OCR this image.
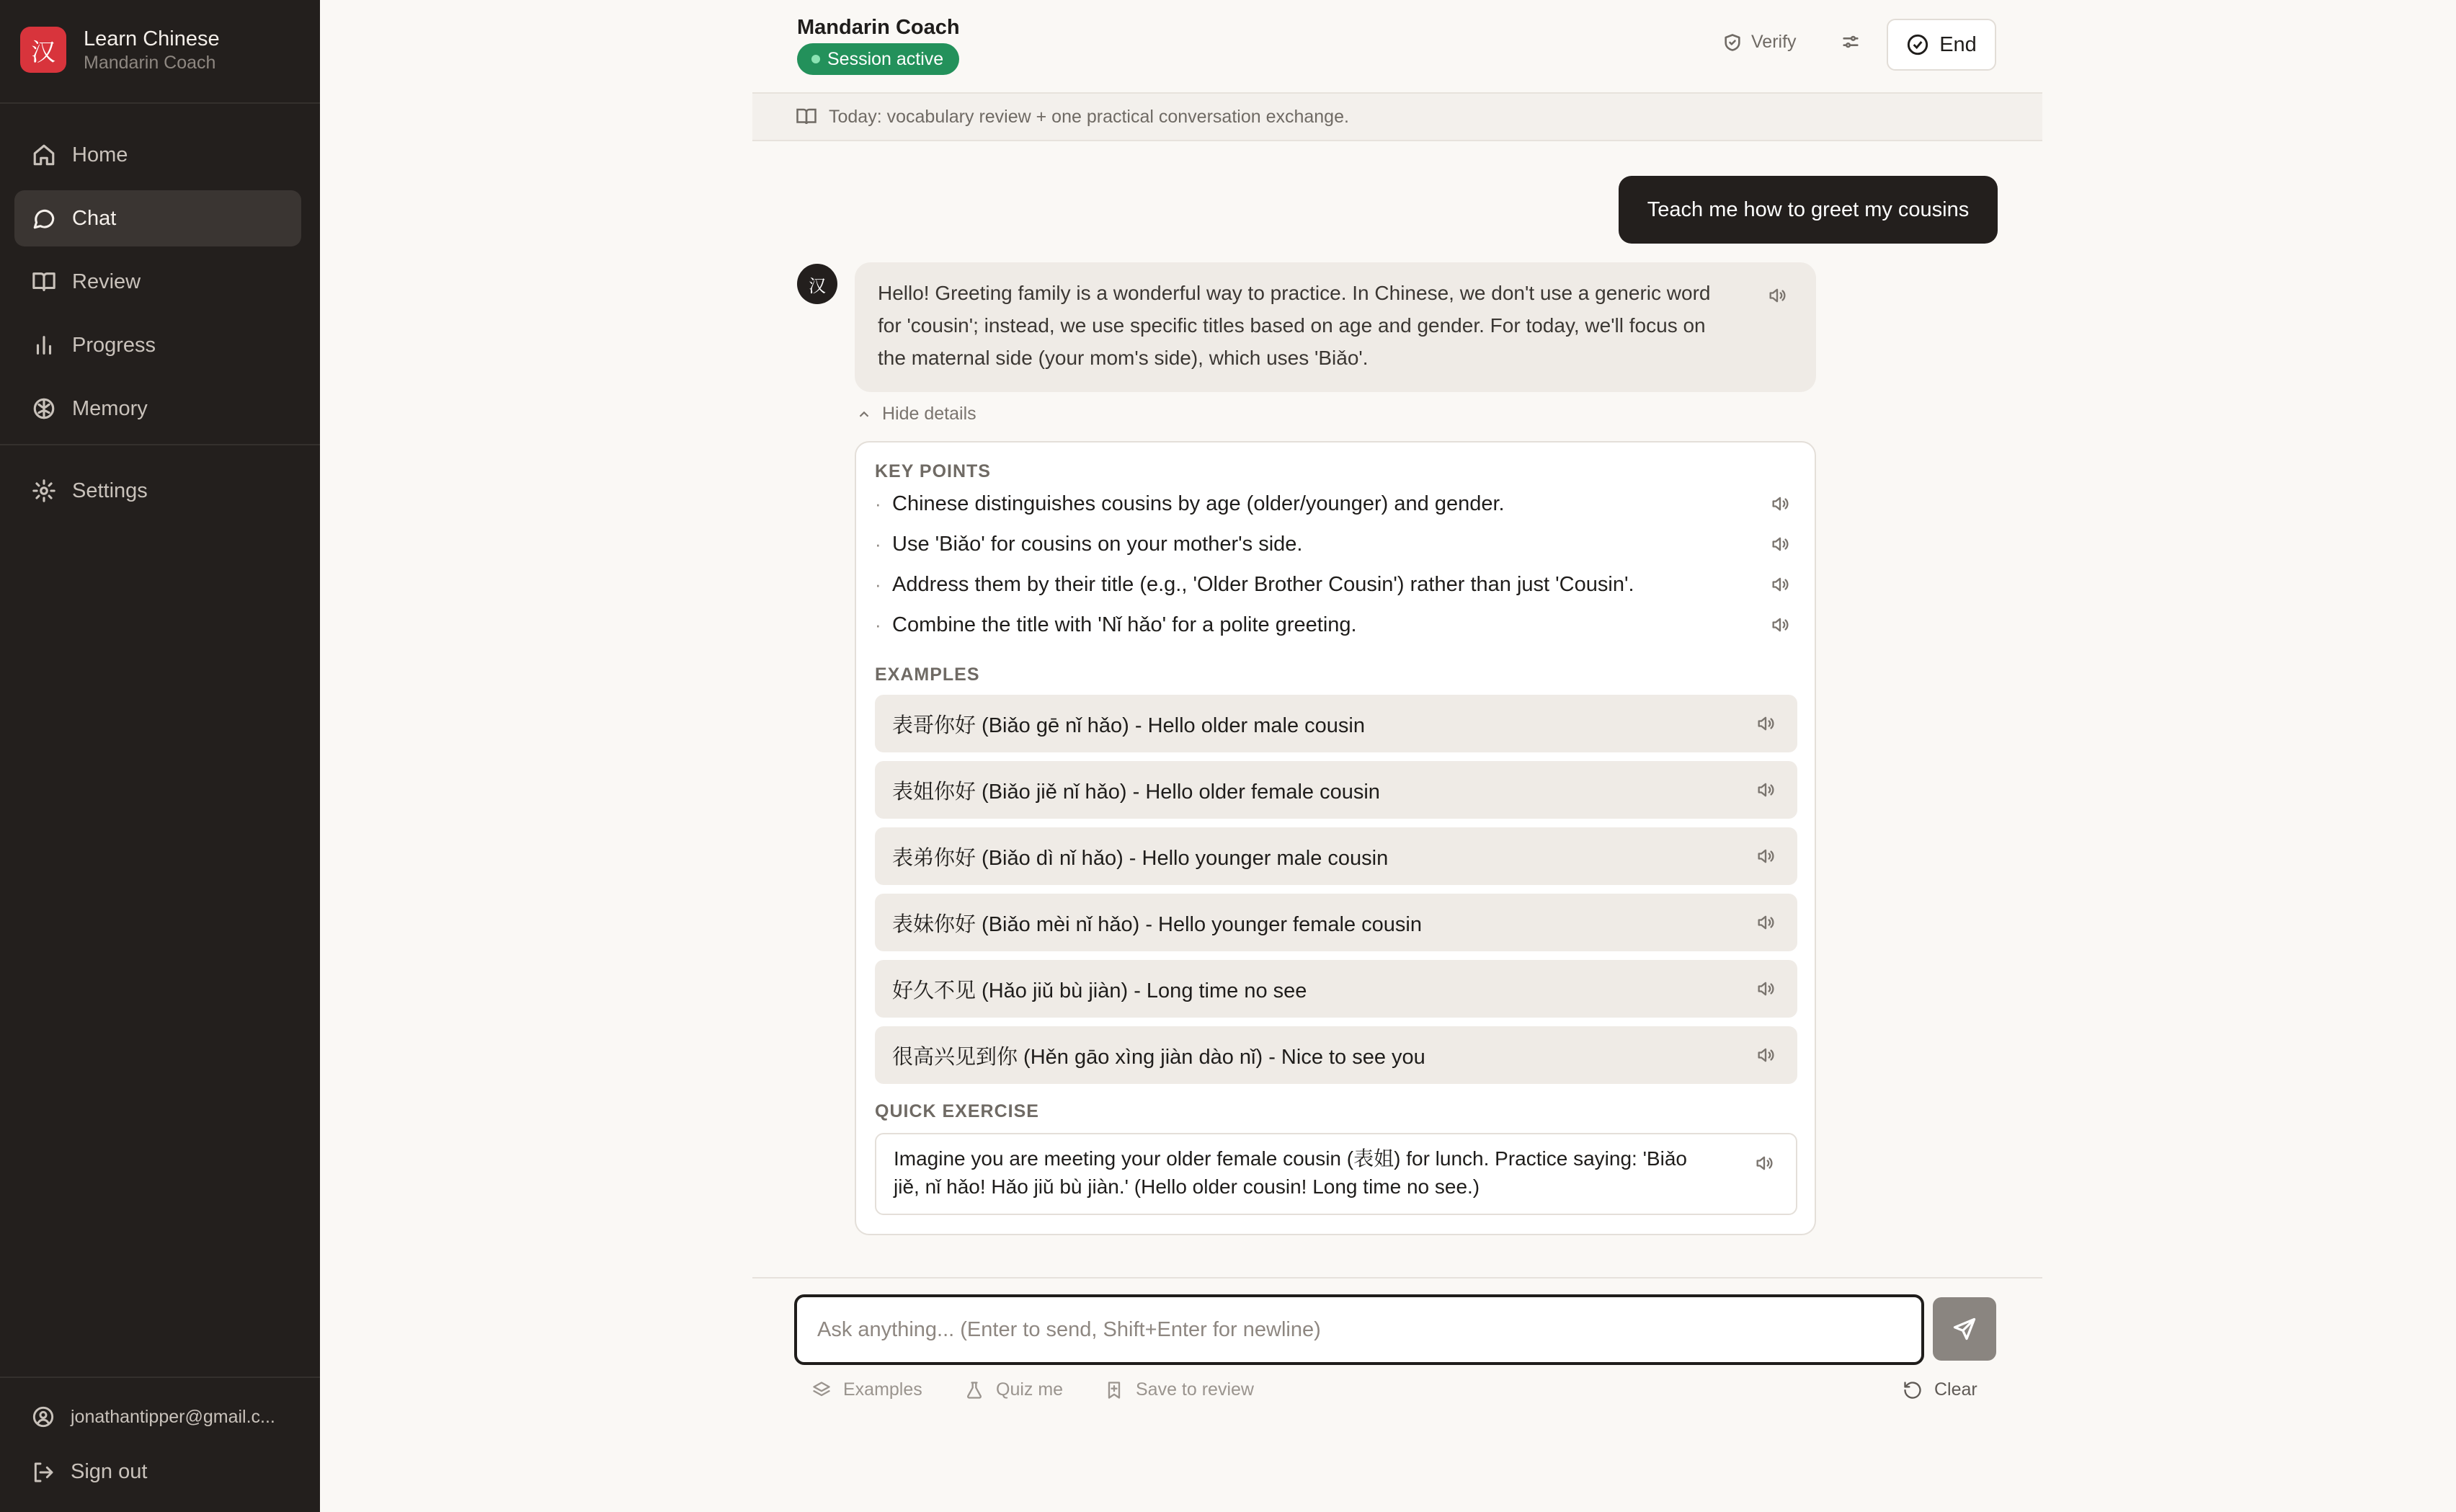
汉	Learn Chinese
Mandarin Coach
Home
Chat
Review
Progress
Memory
Settings
jonathantipper@gmail.c...
Sign out
Mandarin Coach
Session active
Verify	End
Today: vocabulary review + one practical conversation exchange.
Teach me how to greet my cousins
汉	Hello! Greeting family is a wonderful way to practice. In Chinese, we don't use a generic word for 'cousin'; instead, we use specific titles based on age and gender. For today, we'll focus on the maternal side (your mom's side), which uses 'Biǎo'.
Hide details
KEY POINTS
· Chinese distinguishes cousins by age (older/younger) and gender.
· Use 'Biǎo' for cousins on your mother's side.
· Address them by their title (e.g., 'Older Brother Cousin') rather than just 'Cousin'.
· Combine the title with 'Nǐ hǎo' for a polite greeting.
EXAMPLES
表哥你好 (Biǎo gē nǐ hǎo) - Hello older male cousin
表姐你好 (Biǎo jiě nǐ hǎo) - Hello older female cousin
表弟你好 (Biǎo dì nǐ hǎo) - Hello younger male cousin
表妹你好 (Biǎo mèi nǐ hǎo) - Hello younger female cousin
好久不见 (Hǎo jiǔ bù jiàn) - Long time no see
很高兴见到你 (Hěn gāo xìng jiàn dào nǐ) - Nice to see you
QUICK EXERCISE
Imagine you are meeting your older female cousin (表姐) for lunch. Practice saying: 'Biǎo jiě, nǐ hǎo! Hǎo jiǔ bù jiàn.' (Hello older cousin! Long time no see.)
Ask anything... (Enter to send, Shift+Enter for newline)
Examples	Quiz me	Save to review	Clear
